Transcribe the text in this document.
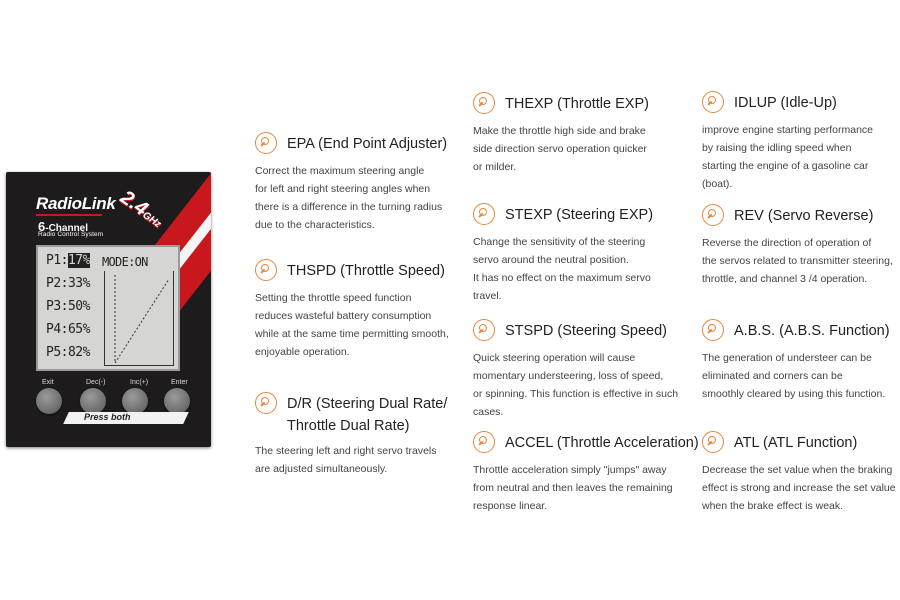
RadioLink
6-Channel
Radio Control System
2.4GHz
P1:17%
P2:33%
P3:50%
P4:65%
P5:82%
MODE:ON
Exit	Dec(-)	Inc(+)	Enter
Press both
EPA (End Point Adjuster)
Correct the maximum steering angle
for left and right steering angles when
there is a difference in the turning radius
due to the characteristics.
THSPD (Throttle Speed)
Setting the throttle speed function
reduces wasteful battery consumption
while at the same time permitting smooth,
enjoyable operation.
D/R (Steering Dual Rate/ Throttle Dual Rate)
The steering left and right servo travels
are adjusted simultaneously.
THEXP (Throttle EXP)
Make the throttle high side and brake
side direction servo operation quicker
or milder.
STEXP (Steering EXP)
Change the sensitivity of the steering
servo around the neutral position.
It has no effect on the maximum servo
travel.
STSPD (Steering Speed)
Quick steering operation will cause
momentary understeering, loss of speed,
or spinning. This function is effective in such
cases.
ACCEL (Throttle Acceleration)
Throttle acceleration simply "jumps" away
from neutral and then leaves the remaining
response linear.
IDLUP (Idle-Up)
improve engine starting performance
by raising the idling speed when
starting the engine of a gasoline car
(boat).
REV (Servo Reverse)
Reverse the direction of operation of
the servos related to transmitter steering,
throttle, and channel 3 /4 operation.
A.B.S. (A.B.S. Function)
The generation of understeer can be
eliminated and corners can be
smoothly cleared by using this function.
ATL (ATL Function)
Decrease the set value when the braking
effect is strong and increase the set value
when the brake effect is weak.
